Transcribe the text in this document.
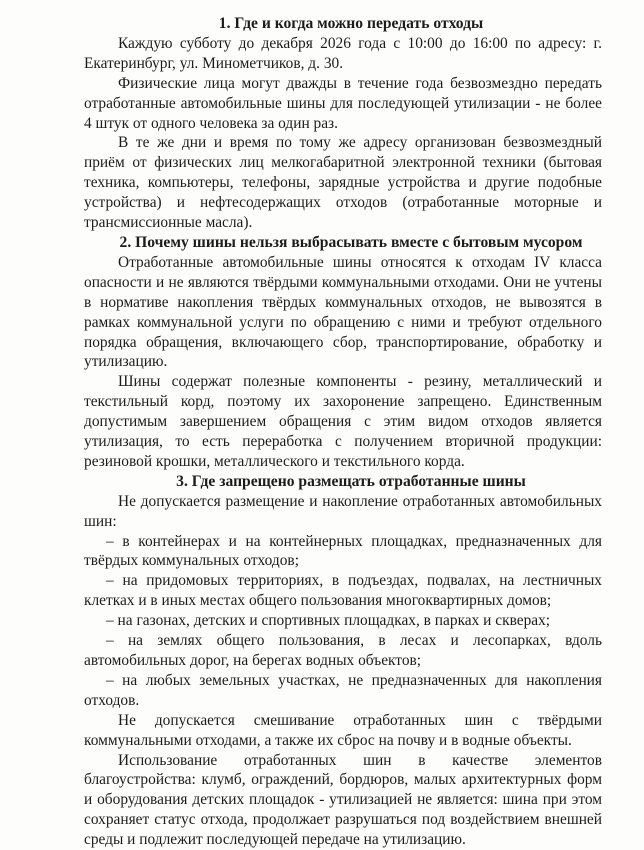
1. Где и когда можно передать отходы

Каждую субботу до декабря 2026 года с 10:00 до 16:00 по адресу: г. Екатеринбург, ул. Минометчиков, д. 30.

Физические лица могут дважды в течение года безвозмездно передать отработанные автомобильные шины для последующей утилизации - не более 4 штук от одного человека за один раз.

В те же дни и время по тому же адресу организован безвозмездный приём от физических лиц мелкогабаритной электронной техники (бытовая техника, компьютеры, телефоны, зарядные устройства и другие подобные устройства) и нефтесодержащих отходов (отработанные моторные и трансмиссионные масла).

2. Почему шины нельзя выбрасывать вместе с бытовым мусором

Отработанные автомобильные шины относятся к отходам IV класса опасности и не являются твёрдыми коммунальными отходами. Они не учтены в нормативе накопления твёрдых коммунальных отходов, не вывозятся в рамках коммунальной услуги по обращению с ними и требуют отдельного порядка обращения, включающего сбор, транспортирование, обработку и утилизацию.

Шины содержат полезные компоненты - резину, металлический и текстильный корд, поэтому их захоронение запрещено. Единственным допустимым завершением обращения с этим видом отходов является утилизация, то есть переработка с получением вторичной продукции: резиновой крошки, металлического и текстильного корда.

3. Где запрещено размещать отработанные шины

Не допускается размещение и накопление отработанных автомобильных шин:

– в контейнерах и на контейнерных площадках, предназначенных для твёрдых коммунальных отходов;

– на придомовых территориях, в подъездах, подвалах, на лестничных клетках и в иных местах общего пользования многоквартирных домов;

– на газонах, детских и спортивных площадках, в парках и скверах;

– на землях общего пользования, в лесах и лесопарках, вдоль автомобильных дорог, на берегах водных объектов;

– на любых земельных участках, не предназначенных для накопления отходов.

Не допускается смешивание отработанных шин с твёрдыми коммунальными отходами, а также их сброс на почву и в водные объекты.

Использование отработанных шин в качестве элементов благоустройства: клумб, ограждений, бордюров, малых архитектурных форм и оборудования детских площадок - утилизацией не является: шина при этом сохраняет статус отхода, продолжает разрушаться под воздействием внешней среды и подлежит последующей передаче на утилизацию.
